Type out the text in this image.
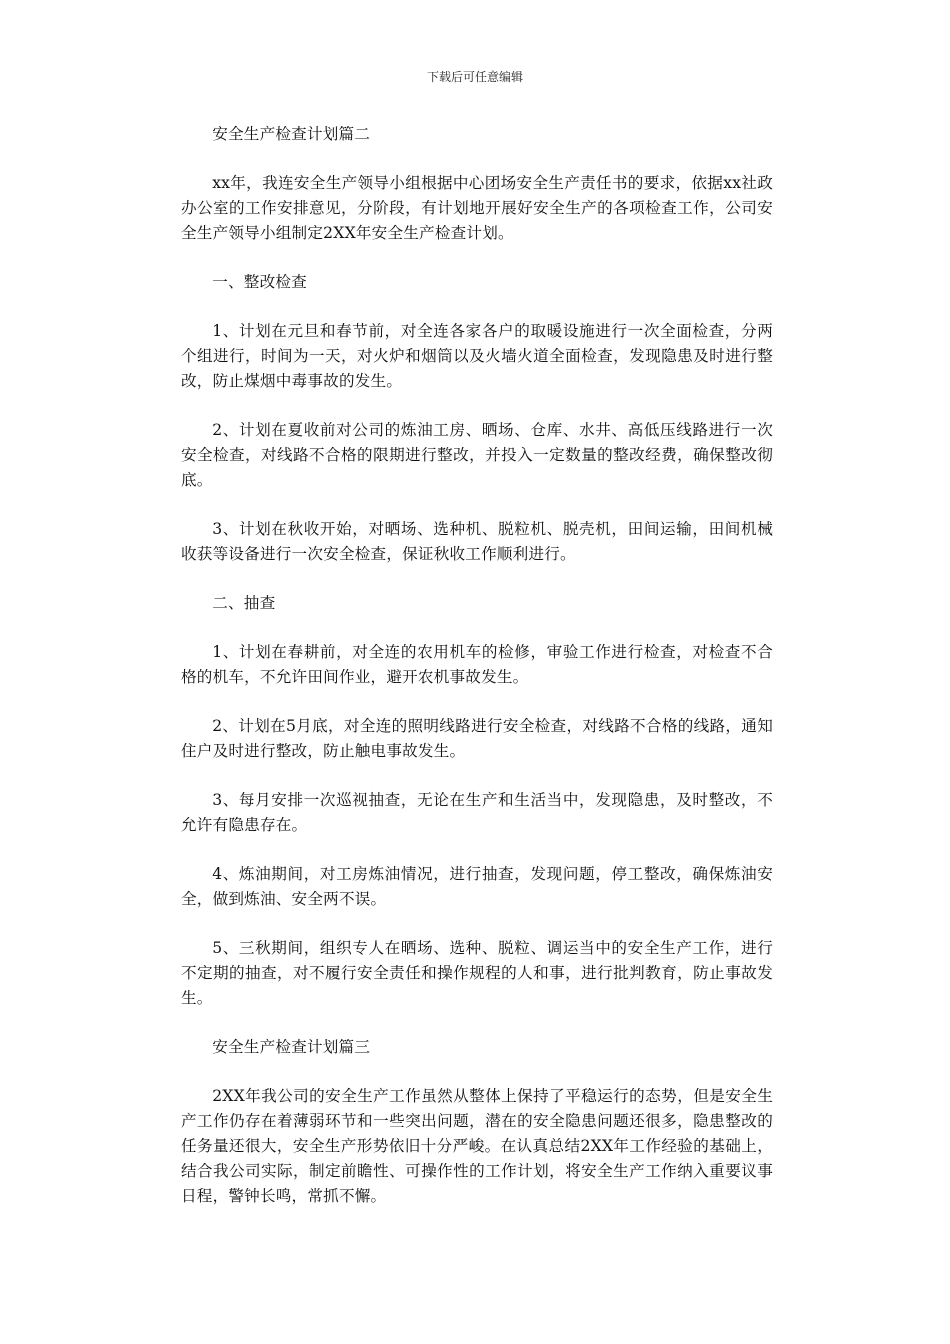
下载后可任意编辑

安全生产检查计划篇二

xx年，我连安全生产领导小组根据中心团场安全生产责任书的要求，依据xx社政办公室的工作安排意见，分阶段，有计划地开展好安全生产的各项检查工作，公司安全生产领导小组制定2XX年安全生产检查计划。

一、整改检查

1、计划在元旦和春节前，对全连各家各户的取暖设施进行一次全面检查，分两个组进行，时间为一天，对火炉和烟筒以及火墙火道全面检查，发现隐患及时进行整改，防止煤烟中毒事故的发生。

2、计划在夏收前对公司的炼油工房、晒场、仓库、水井、高低压线路进行一次安全检查，对线路不合格的限期进行整改，并投入一定数量的整改经费，确保整改彻底。

3、计划在秋收开始，对晒场、选种机、脱粒机、脱壳机，田间运输，田间机械收获等设备进行一次安全检查，保证秋收工作顺利进行。

二、抽查

1、计划在春耕前，对全连的农用机车的检修，审验工作进行检查，对检查不合格的机车，不允许田间作业，避开农机事故发生。

2、计划在5月底，对全连的照明线路进行安全检查，对线路不合格的线路，通知住户及时进行整改，防止触电事故发生。

3、每月安排一次巡视抽查，无论在生产和生活当中，发现隐患，及时整改，不允许有隐患存在。

4、炼油期间，对工房炼油情况，进行抽查，发现问题，停工整改，确保炼油安全，做到炼油、安全两不误。

5、三秋期间，组织专人在晒场、选种、脱粒、调运当中的安全生产工作，进行不定期的抽查，对不履行安全责任和操作规程的人和事，进行批判教育，防止事故发生。

安全生产检查计划篇三

2XX年我公司的安全生产工作虽然从整体上保持了平稳运行的态势，但是安全生产工作仍存在着薄弱环节和一些突出问题，潜在的安全隐患问题还很多，隐患整改的任务量还很大，安全生产形势依旧十分严峻。在认真总结2XX年工作经验的基础上，结合我公司实际，制定前瞻性、可操作性的工作计划，将安全生产工作纳入重要议事日程，警钟长鸣，常抓不懈。
